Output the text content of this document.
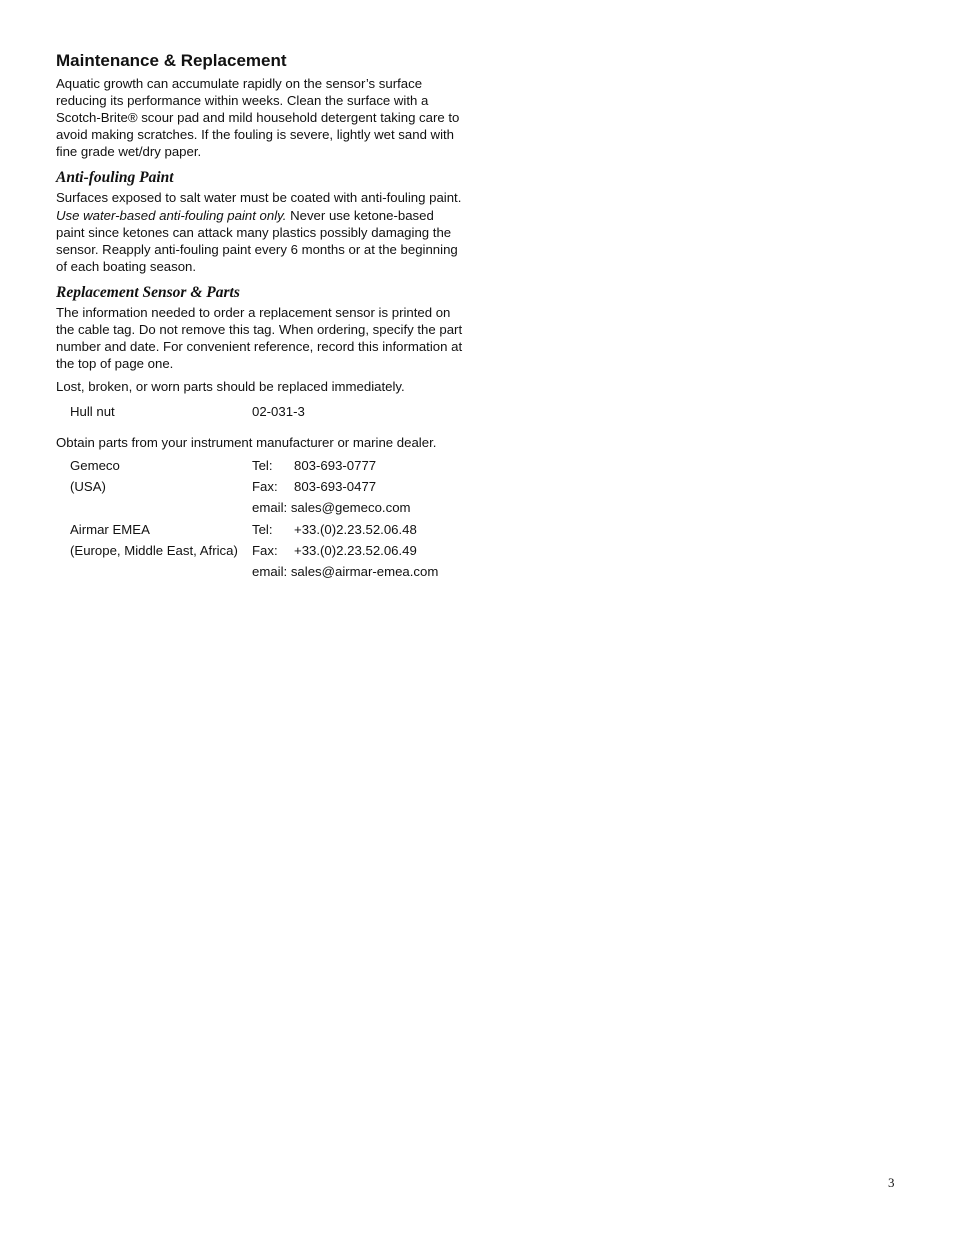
Maintenance & Replacement

Aquatic growth can accumulate rapidly on the sensor’s surface reducing its performance within weeks. Clean the surface with a Scotch-Brite® scour pad and mild household detergent taking care to avoid making scratches. If the fouling is severe, lightly wet sand with fine grade wet/dry paper.

Anti-fouling Paint

Surfaces exposed to salt water must be coated with anti-fouling paint. Use water-based anti-fouling paint only. Never use ketone-based paint since ketones can attack many plastics possibly damaging the sensor. Reapply anti-fouling paint every 6 months or at the beginning of each boating season.

Replacement Sensor & Parts

The information needed to order a replacement sensor is printed on the cable tag. Do not remove this tag. When ordering, specify the part number and date. For convenient reference, record this information at the top of page one.

Lost, broken, or worn parts should be replaced immediately.

Hull nut	02-031-3

Obtain parts from your instrument manufacturer or marine dealer.

Gemeco	Tel: 803-693-0777
(USA)	Fax: 803-693-0477
email: sales@gemeco.com
Airmar EMEA	Tel: +33.(0)2.23.52.06.48
(Europe, Middle East, Africa) Fax: +33.(0)2.23.52.06.49
email: sales@airmar-emea.com
3
